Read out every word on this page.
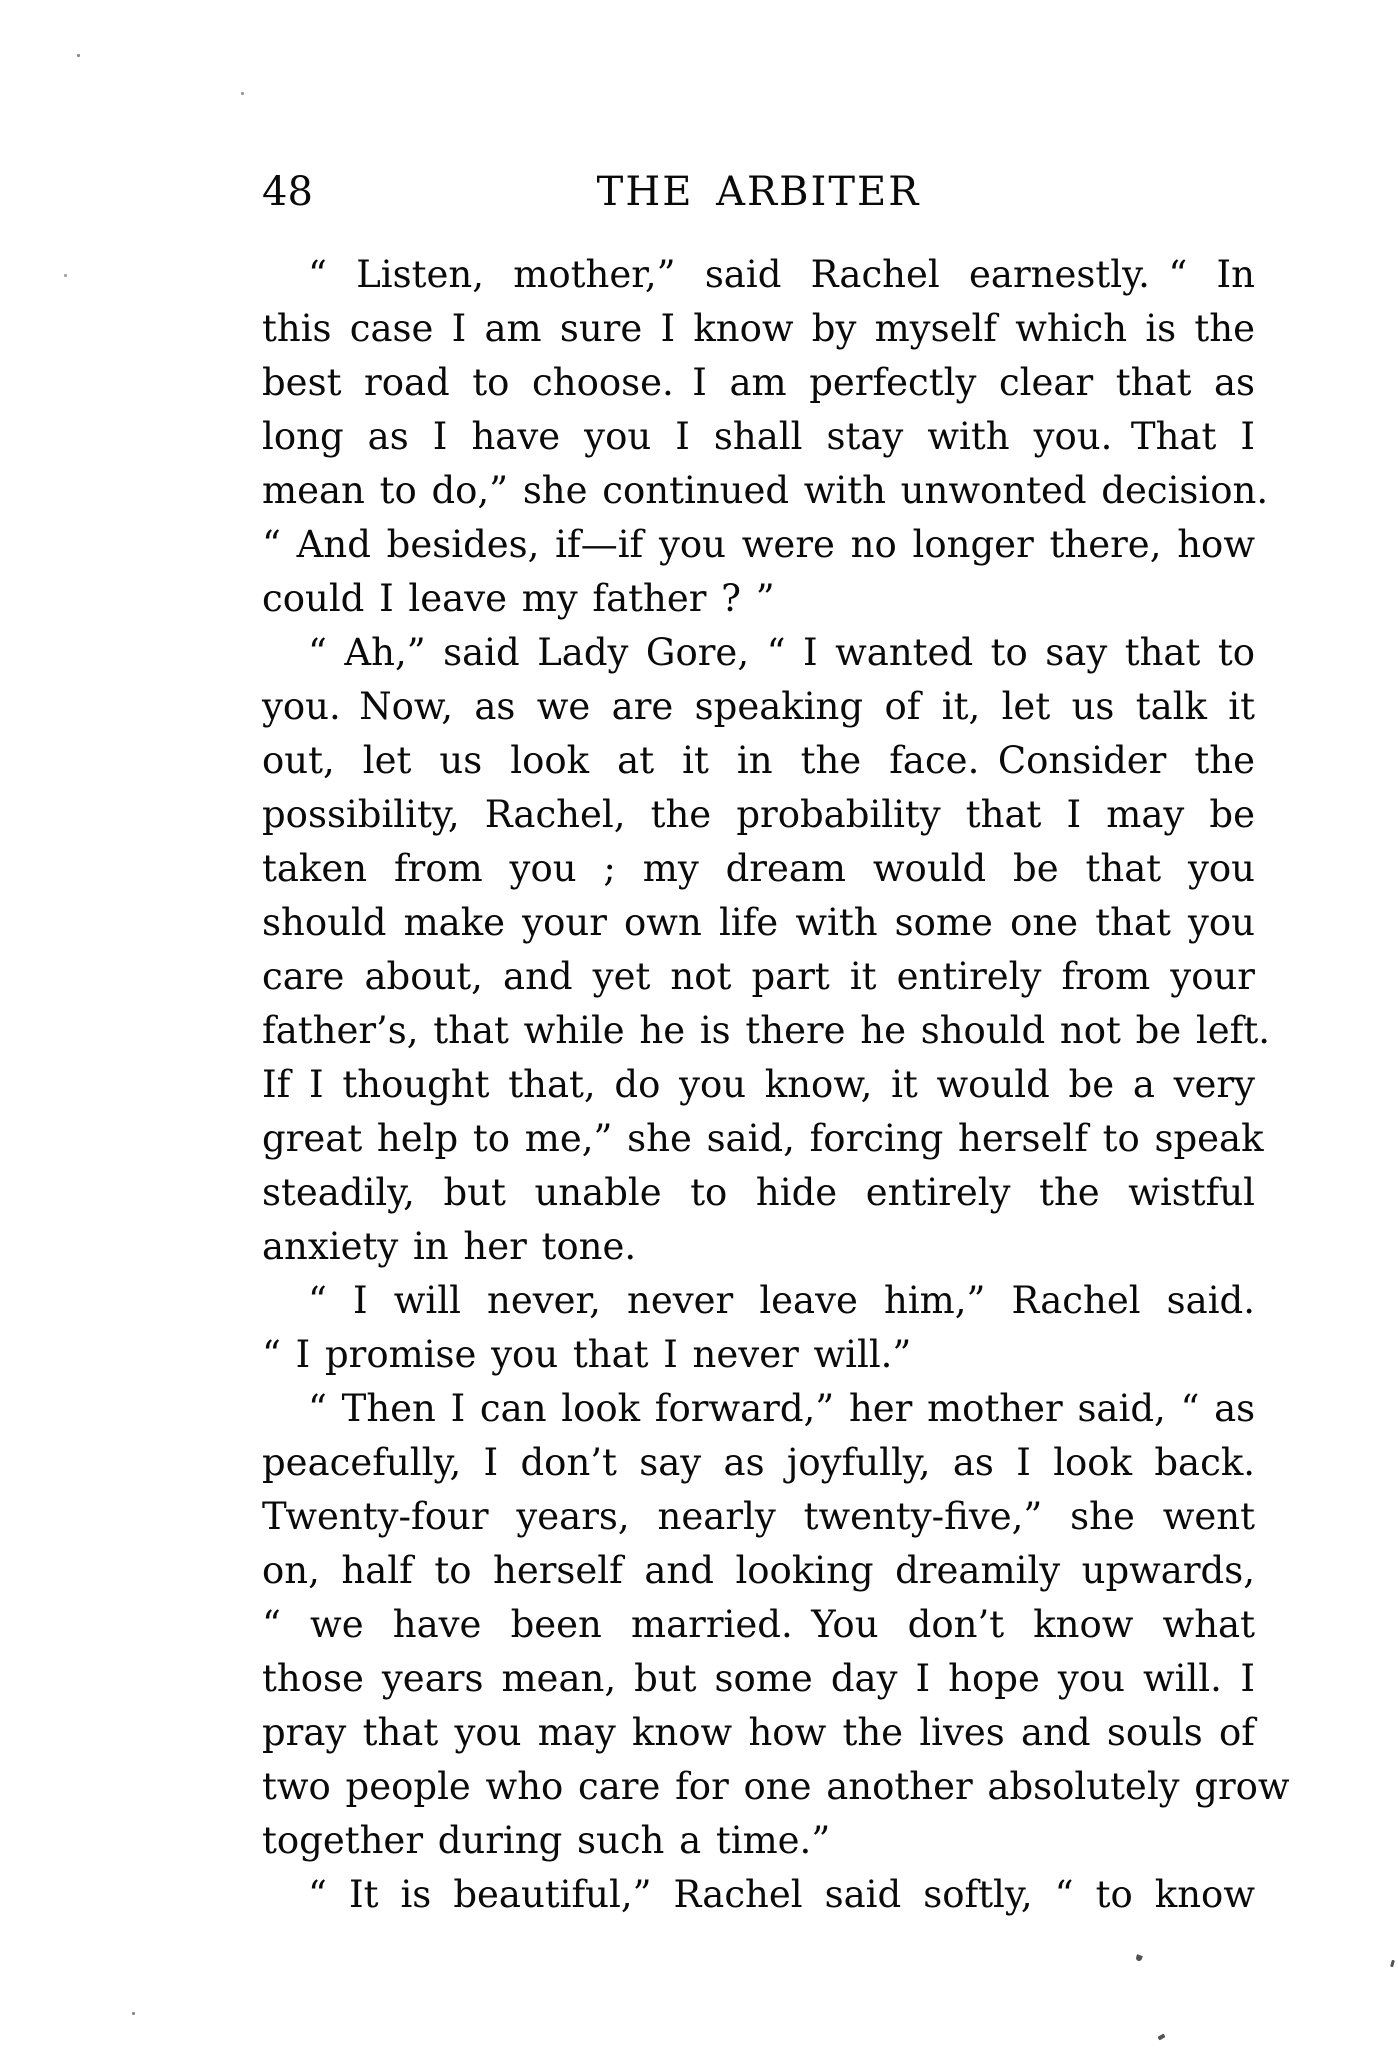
48	THE ARBITER
“ Listen, mother,” said Rachel earnestly. “ In
this case I am sure I know by myself which is the
best road to choose. I am perfectly clear that as
long as I have you I shall stay with you. That I
mean to do,” she continued with unwonted decision.
“ And besides, if—if you were no longer there, how
could I leave my father ? ”
“ Ah,” said Lady Gore, “ I wanted to say that to
you. Now, as we are speaking of it, let us talk it
out, let us look at it in the face. Consider the
possibility, Rachel, the probability that I may be
taken from you ; my dream would be that you
should make your own life with some one that you
care about, and yet not part it entirely from your
father’s, that while he is there he should not be left.
If I thought that, do you know, it would be a very
great help to me,” she said, forcing herself to speak
steadily, but unable to hide entirely the wistful
anxiety in her tone.
“ I will never, never leave him,” Rachel said.
“ I promise you that I never will.”
“ Then I can look forward,” her mother said, “ as
peacefully, I don’t say as joyfully, as I look back.
Twenty-four years, nearly twenty-five,” she went
on, half to herself and looking dreamily upwards,
“ we have been married. You don’t know what
those years mean, but some day I hope you will. I
pray that you may know how the lives and souls of
two people who care for one another absolutely grow
together during such a time.”
“ It is beautiful,” Rachel said softly, “ to know
